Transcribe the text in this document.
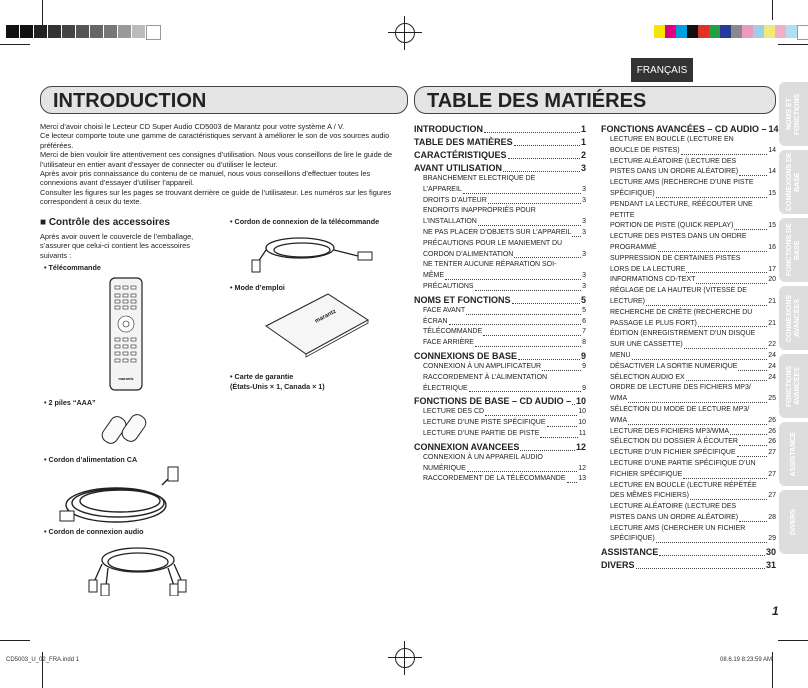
FRANÇAIS
INTRODUCTION	TABLE DES MATIÉRES	NOMS ET FONCTIONS
CONNEXIONS DE BASE
FONCTIONS DE BASE
CONNEXIONS AVANCÉES
FONCTIONS AVANCÉES
ASSISTANCE
DIVERS
Merci d’avoir choisi le Lecteur CD Super Audio CD5003 de Marantz pour votre système A / V.
Ce lecteur comporte toute une gamme de caractéristiques servant à améliorer le son de vos sources audio préférées.
Merci de bien vouloir lire attentivement ces consignes d’utilisation. Nous vous conseillons de lire le guide de l’utilisateur en entier avant d’essayer de connecter ou d’utiliser le lecteur.
Après avoir pris connaissance du contenu de ce manuel, nous vous conseillons d’effectuer toutes les connexions avant d’essayer d’utiliser l’appareil.
Consulter les figures sur les pages se trouvant derrière ce guide de l’utilisateur. Les numéros sur les figures correspondent à ceux du texte.
■ Contrôle des accessoires
Après avoir ouvert le couvercle de l’emballage, s’assurer que celui-ci contient les accessoires suivants :
• Télécommande
marantz
• 2 piles “AAA”
• Cordon d’alimentation CA
• Cordon de connexion audio
• Cordon de connexion de la télécommande
• Mode d’emploi
marantz
• Carte de garantie
(États-Unis × 1, Canada × 1)
INTRODUCTION	1
TABLE DES MATIÈRES	1
CARACTÉRISTIQUES	2
AVANT UTILISATION	3
BRANCHEMENT ELECTRIQUE DE
L’APPAREIL	3
DROITS D’AUTEUR	3
ENDROITS INAPPROPRIÉS POUR
L’INSTALLATION	3
NE PAS PLACER D’OBJETS SUR L’APPAREIL 3
PRÉCAUTIONS POUR LE MANIEMENT DU
CORDON D’ALIMENTATION	3
NE TENTER AUCUNE RÉPARATION SOI-
MÊME	3
PRÉCAUTIONS	3
NOMS ET FONCTIONS	5
FACE AVANT	5
ÉCRAN	6
TÉLÉCOMMANDE	7
FACE ARRIÈRE	8
CONNEXIONS DE BASE	9
CONNEXION À UN AMPLIFICATEUR	9
RACCORDEMENT À L’ALIMENTATION
ÉLECTRIQUE	9
FONCTIONS DE BASE – CD AUDIO – 10
LECTURE DES CD	10
LECTURE D’UNE PISTE SPÉCIFIQUE	10
LECTURE D’UNE PARTIE DE PISTE	11
CONNEXION AVANCEES	12
CONNEXION À UN APPAREIL AUDIO
NUMÉRIQUE	12
RACCORDEMENT DE LA TÉLÉCOMMANDE 13
FONCTIONS AVANCÉES – CD AUDIO – 14
LECTURE EN BOUCLE (LECTURE EN
BOUCLE DE PISTES)	14
LECTURE ALÉATOIRE (LECTURE DES
PISTES DANS UN ORDRE ALÉATOIRE)	14
LECTURE AMS (RECHERCHE D’UNE PISTE
SPÉCIFIQUE)	15
PENDANT LA LECTURE, RÉÉCOUTER UNE PETITE
PORTION DE PISTE (QUICK REPLAY)	15
LECTURE DES PISTES DANS UN ORDRE
PROGRAMMÉ	16
SUPPRESSION DE CERTAINES PISTES
LORS DE LA LECTURE	17
INFORMATIONS CD-TEXT	20
RÉGLAGE DE LA HAUTEUR (VITESSE DE
LECTURE)	21
RECHERCHE DE CRÊTE (RECHERCHE DU
PASSAGE LE PLUS FORT)	21
ÉDITION (ENREGISTREMENT D’UN DISQUE
SUR UNE CASSETTE)	22
MENU	24
DÉSACTIVER LA SORTIE NUMERIQUE	24
SÉLECTION AUDIO EX	24
ORDRE DE LECTURE DES FICHIERS MP3/
WMA	25
SÉLECTION DU MODE DE LECTURE MP3/
WMA	26
LECTURE DES FICHIERS MP3/WMA	26
SÉLECTION DU DOSSIER À ÉCOUTER	26
LECTURE D’UN FICHIER SPÉCIFIQUE	27
LECTURE D’UNE PARTIE SPÉCIFIQUE D’UN
FICHIER SPÉCIFIQUE	27
LECTURE EN BOUCLE (LECTURE RÉPÉTÉE
DES MÊMES FICHIERS)	27
LECTURE ALÉATOIRE (LECTURE DES
PISTES DANS UN ORDRE ALÉATOIRE)	28
LECTURE AMS (CHERCHER UN FICHIER
SPÉCIFIQUE)	29
ASSISTANCE	30
DIVERS	31
1
CD5003_U_02_FRA.indd 1	08.6.19 8:23:59 AM
